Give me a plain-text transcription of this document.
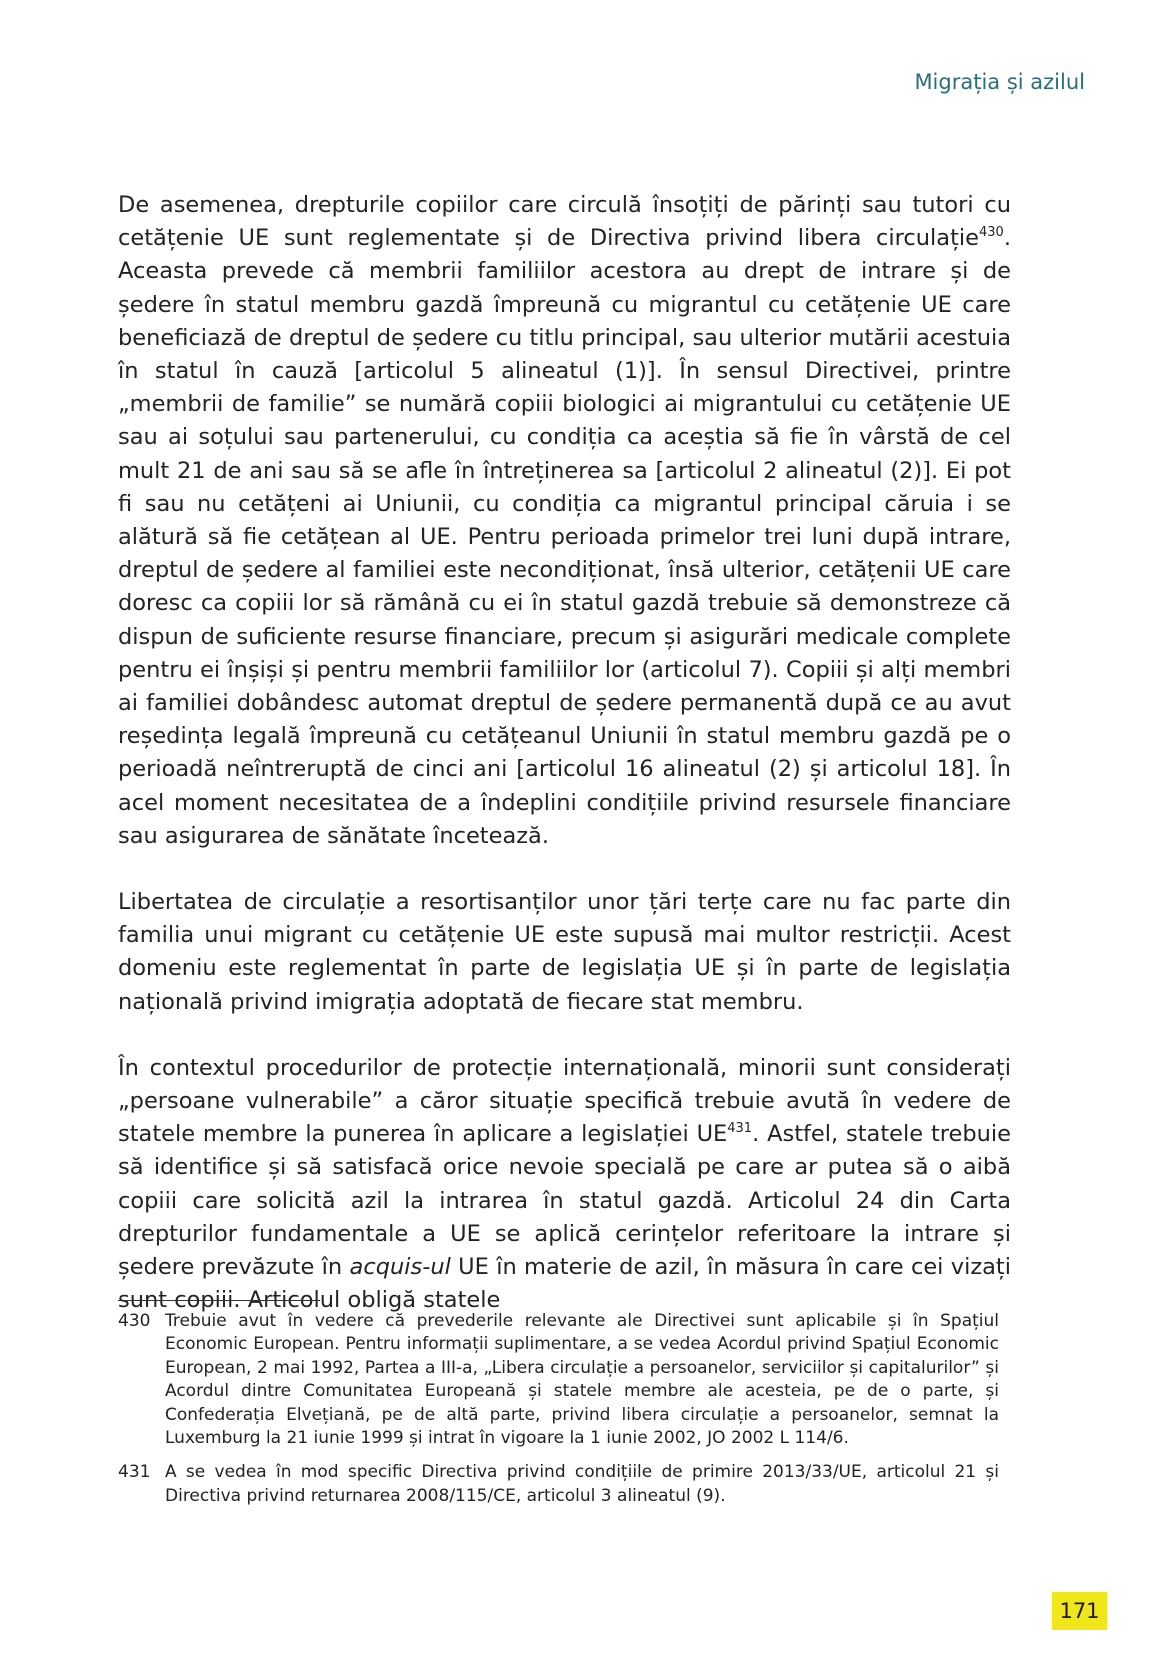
Migrația și azilul

De asemenea, drepturile copiilor care circulă însoțiți de părinți sau tutori cu cetățenie UE sunt reglementate și de Directiva privind libera circulație$^{430}$. Aceasta prevede că membrii familiilor acestora au drept de intrare și de ședere în statul membru gazdă împreună cu migrantul cu cetățenie UE care beneficiază de dreptul de ședere cu titlu principal, sau ulterior mutării acestuia în statul în cauză [articolul 5 alineatul (1)]. În sensul Directivei, printre „membrii de familie” se numără copiii biologici ai migrantului cu cetățenie UE sau ai soțului sau partenerului, cu condiția ca aceștia să fie în vârstă de cel mult 21 de ani sau să se afle în întreținerea sa [articolul 2 alineatul (2)]. Ei pot fi sau nu cetățeni ai Uniunii, cu condiția ca migrantul principal căruia i se alătură să fie cetățean al UE. Pentru perioada primelor trei luni după intrare, dreptul de ședere al familiei este necondiționat, însă ulterior, cetățenii UE care doresc ca copiii lor să rămână cu ei în statul gazdă trebuie să demonstreze că dispun de suficiente resurse financiare, precum și asigurări medicale complete pentru ei înșiși și pentru membrii familiilor lor (articolul 7). Copiii și alți membri ai familiei dobândesc automat dreptul de ședere permanentă după ce au avut reședința legală împreună cu cetățeanul Uniunii în statul membru gazdă pe o perioadă neîntreruptă de cinci ani [articolul 16 alineatul (2) și articolul 18]. În acel moment necesitatea de a îndeplini condițiile privind resursele financiare sau asigurarea de sănătate încetează.

Libertatea de circulație a resortisanților unor țări terțe care nu fac parte din familia unui migrant cu cetățenie UE este supusă mai multor restricții. Acest domeniu este reglementat în parte de legislația UE și în parte de legislația națională privind imigrația adoptată de fiecare stat membru.

În contextul procedurilor de protecție internațională, minorii sunt considerați „persoane vulnerabile” a căror situație specifică trebuie avută în vedere de statele membre la punerea în aplicare a legislației UE$^{431}$. Astfel, statele trebuie să identifice și să satisfacă orice nevoie specială pe care ar putea să o aibă copiii care solicită azil la intrarea în statul gazdă. Articolul 24 din Carta drepturilor fundamentale a UE se aplică cerințelor referitoare la intrare și ședere prevăzute în acquis-ul UE în materie de azil, în măsura în care cei vizați sunt copiii. Articolul obligă statele

430 Trebuie avut în vedere că prevederile relevante ale Directivei sunt aplicabile și în Spațiul Economic European. Pentru informații suplimentare, a se vedea Acordul privind Spațiul Economic European, 2 mai 1992, Partea a III-a, „Libera circulație a persoanelor, serviciilor și capitalurilor” și Acordul dintre Comunitatea Europeană și statele membre ale acesteia, pe de o parte, și Confederația Elvețiană, pe de altă parte, privind libera circulație a persoanelor, semnat la Luxemburg la 21 iunie 1999 și intrat în vigoare la 1 iunie 2002, JO 2002 L 114/6.
431 A se vedea în mod specific Directiva privind condițiile de primire 2013/33/UE, articolul 21 și Directiva privind returnarea 2008/115/CE, articolul 3 alineatul (9).
171
